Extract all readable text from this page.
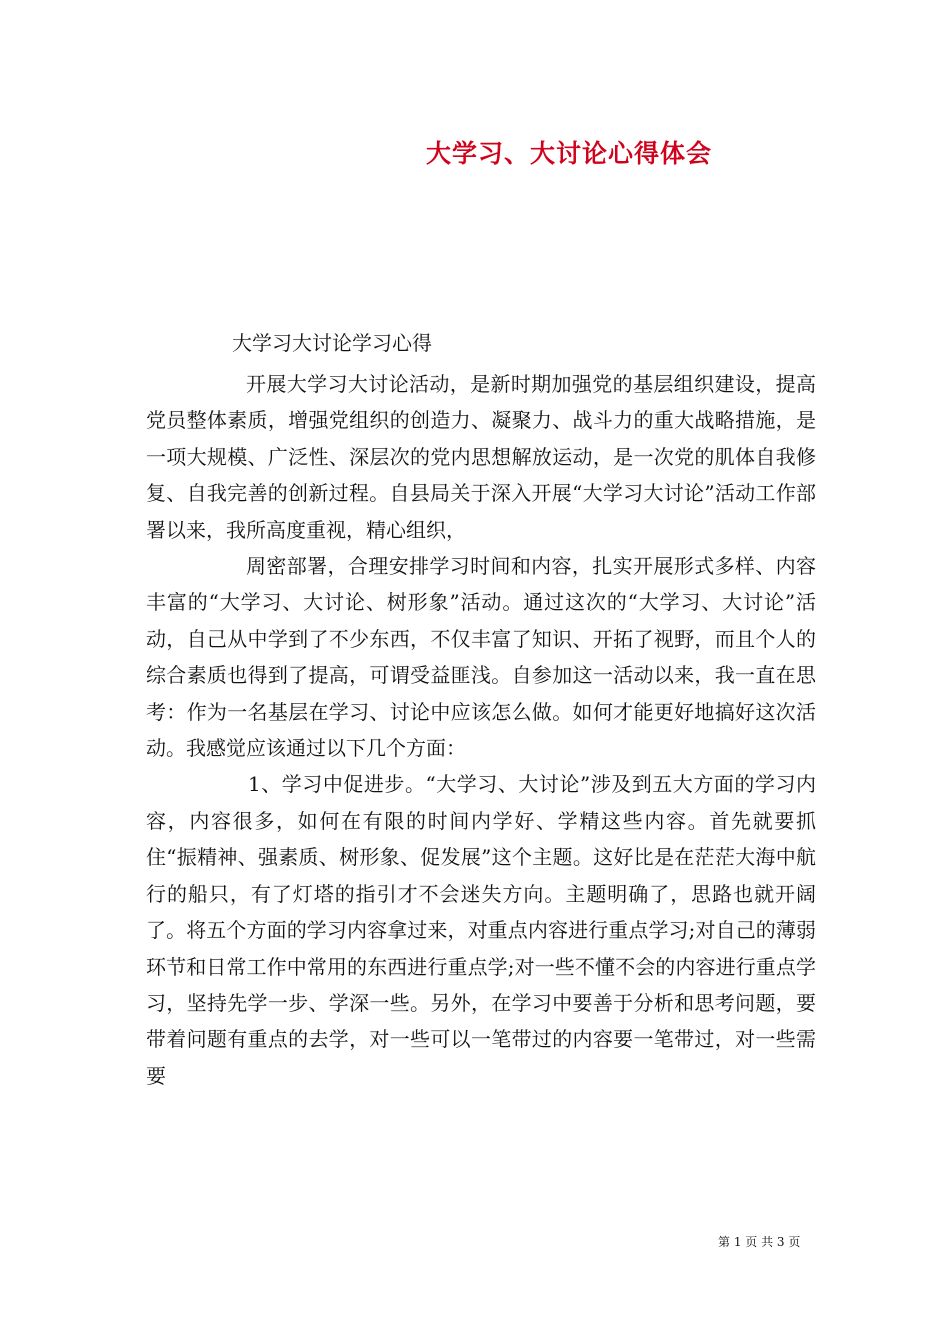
大学习、大讨论心得体会
大学习大讨论学习心得

开展大学习大讨论活动，是新时期加强党的基层组织建设，提高党员整体素质，增强党组织的创造力、凝聚力、战斗力的重大战略措施，是一项大规模、广泛性、深层次的党内思想解放运动，是一次党的肌体自我修复、自我完善的创新过程。自县局关于深入开展“大学习大讨论”活动工作部署以来，我所高度重视，精心组织，

周密部署，合理安排学习时间和内容，扎实开展形式多样、内容丰富的“大学习、大讨论、树形象”活动。通过这次的“大学习、大讨论”活动，自己从中学到了不少东西，不仅丰富了知识、开拓了视野，而且个人的综合素质也得到了提高，可谓受益匪浅。自参加这一活动以来，我一直在思考：作为一名基层在学习、讨论中应该怎么做。如何才能更好地搞好这次活动。我感觉应该通过以下几个方面：

1、学习中促进步。“大学习、大讨论”涉及到五大方面的学习内容，内容很多，如何在有限的时间内学好、学精这些内容。首先就要抓住“振精神、强素质、树形象、促发展”这个主题。这好比是在茫茫大海中航行的船只，有了灯塔的指引才不会迷失方向。主题明确了，思路也就开阔了。将五个方面的学习内容拿过来，对重点内容进行重点学习;对自己的薄弱环节和日常工作中常用的东西进行重点学;对一些不懂不会的内容进行重点学习，坚持先学一步、学深一些。另外，在学习中要善于分析和思考问题，要带着问题有重点的去学，对一些可以一笔带过的内容要一笔带过，对一些需要

第 1 页 共 3 页
